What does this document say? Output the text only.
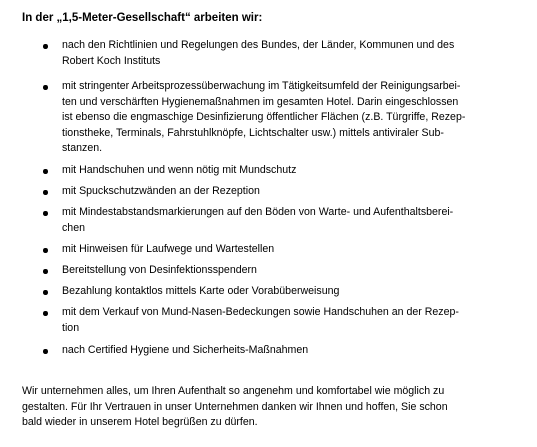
In der „1,5-Meter-Gesellschaft“ arbeiten wir:
nach den Richtlinien und Regelungen des Bundes, der Länder, Kommunen und des
Robert Koch Instituts
mit stringenter Arbeitsprozessüberwachung im Tätigkeitsumfeld der Reinigungsarbei-
ten und verschärften Hygienemaßnahmen im gesamten Hotel. Darin eingeschlossen
ist ebenso die engmaschige Desinfizierung öffentlicher Flächen (z.B. Türgriffe, Rezep-
tionstheke, Terminals, Fahrstuhlknöpfe, Lichtschalter usw.) mittels antiviraler Sub-
stanzen.
mit Handschuhen und wenn nötig mit Mundschutz
mit Spuckschutzwänden an der Rezeption
mit Mindestabstandsmarkierungen auf den Böden von Warte- und Aufenthaltsberei-
chen
mit Hinweisen für Laufwege und Wartestellen
Bereitstellung von Desinfektionsspendern
Bezahlung kontaktlos mittels Karte oder Vorabüberweisung
mit dem Verkauf von Mund-Nasen-Bedeckungen sowie Handschuhen an der Rezep-
tion
nach Certified Hygiene und Sicherheits-Maßnahmen
Wir unternehmen alles, um Ihren Aufenthalt so angenehm und komfortabel wie möglich zu
gestalten. Für Ihr Vertrauen in unser Unternehmen danken wir Ihnen und hoffen, Sie schon
bald wieder in unserem Hotel begrüßen zu dürfen.
